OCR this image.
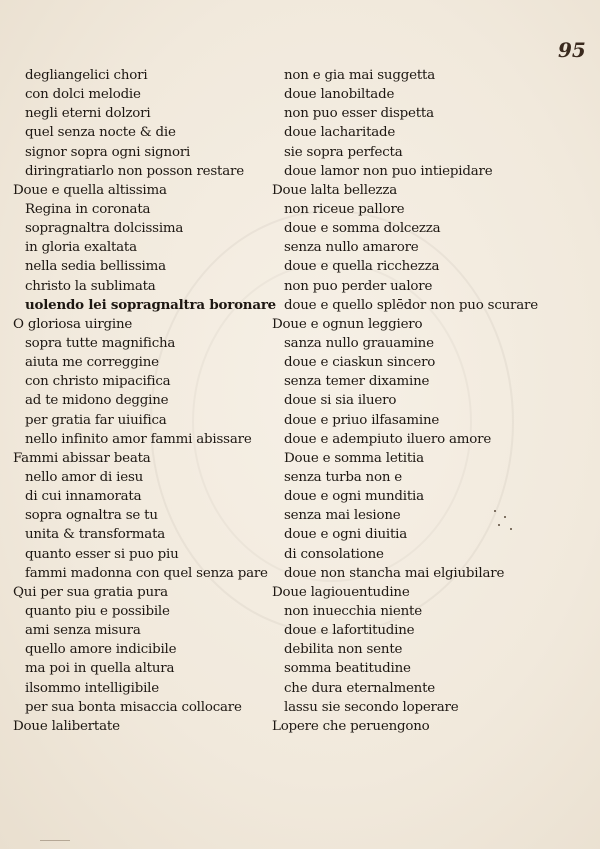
95
degliangelici chori
con dolci melodie
negli eterni dolzori
quel senza nocte & die
signor sopra ogni signori
diringratiarlo non posson restare
Doue e quella altissima
Regina in coronata
sopragnaltra dolcissima
in gloria exaltata
nella sedia bellissima
christo la sublimata
uolendo lei sopragnaltra boronare
O gloriosa uirgine
sopra tutte magnificha
aiuta me correggine
con christo mipacifica
ad te midono deggine
per gratia far uiuifica
nello infinito amor fammi abissare
Fammi abissar beata
nello amor di iesu
di cui innamorata
sopra ognaltra se tu
unita & transformata
quanto esser si puo piu
fammi madonna con quel senza pare
Qui per sua gratia pura
quanto piu e possibile
ami senza misura
quello amore indicibile
ma poi in quella altura
ilsommo intelligibile
per sua bonta misaccia collocare
Doue lalibertate
non e gia mai suggetta
doue lanobiltade
non puo esser dispetta
doue lacharitade
sie sopra perfecta
doue lamor non puo intiepidare
Doue lalta bellezza
non riceue pallore
doue e somma dolcezza
senza nullo amarore
doue e quella ricchezza
non puo perder ualore
doue e quello splēdor non puo scurare
Doue e ognun leggiero
sanza nullo grauamine
doue e ciaskun sincero
senza temer dixamine
doue si sia iluero
doue e priuo ilfasamine
doue e adempiuto iluero amore
Doue e somma letitia
senza turba non e
doue e ogni munditia
senza mai lesione
doue e ogni diuitia
di consolatione
doue non stancha mai elgiubilare
Doue lagiouentudine
non inuecchia niente
doue e lafortitudine
debilita non sente
somma beatitudine
che dura eternalmente
lassu sie secondo loperare
Lopere che peruengono
